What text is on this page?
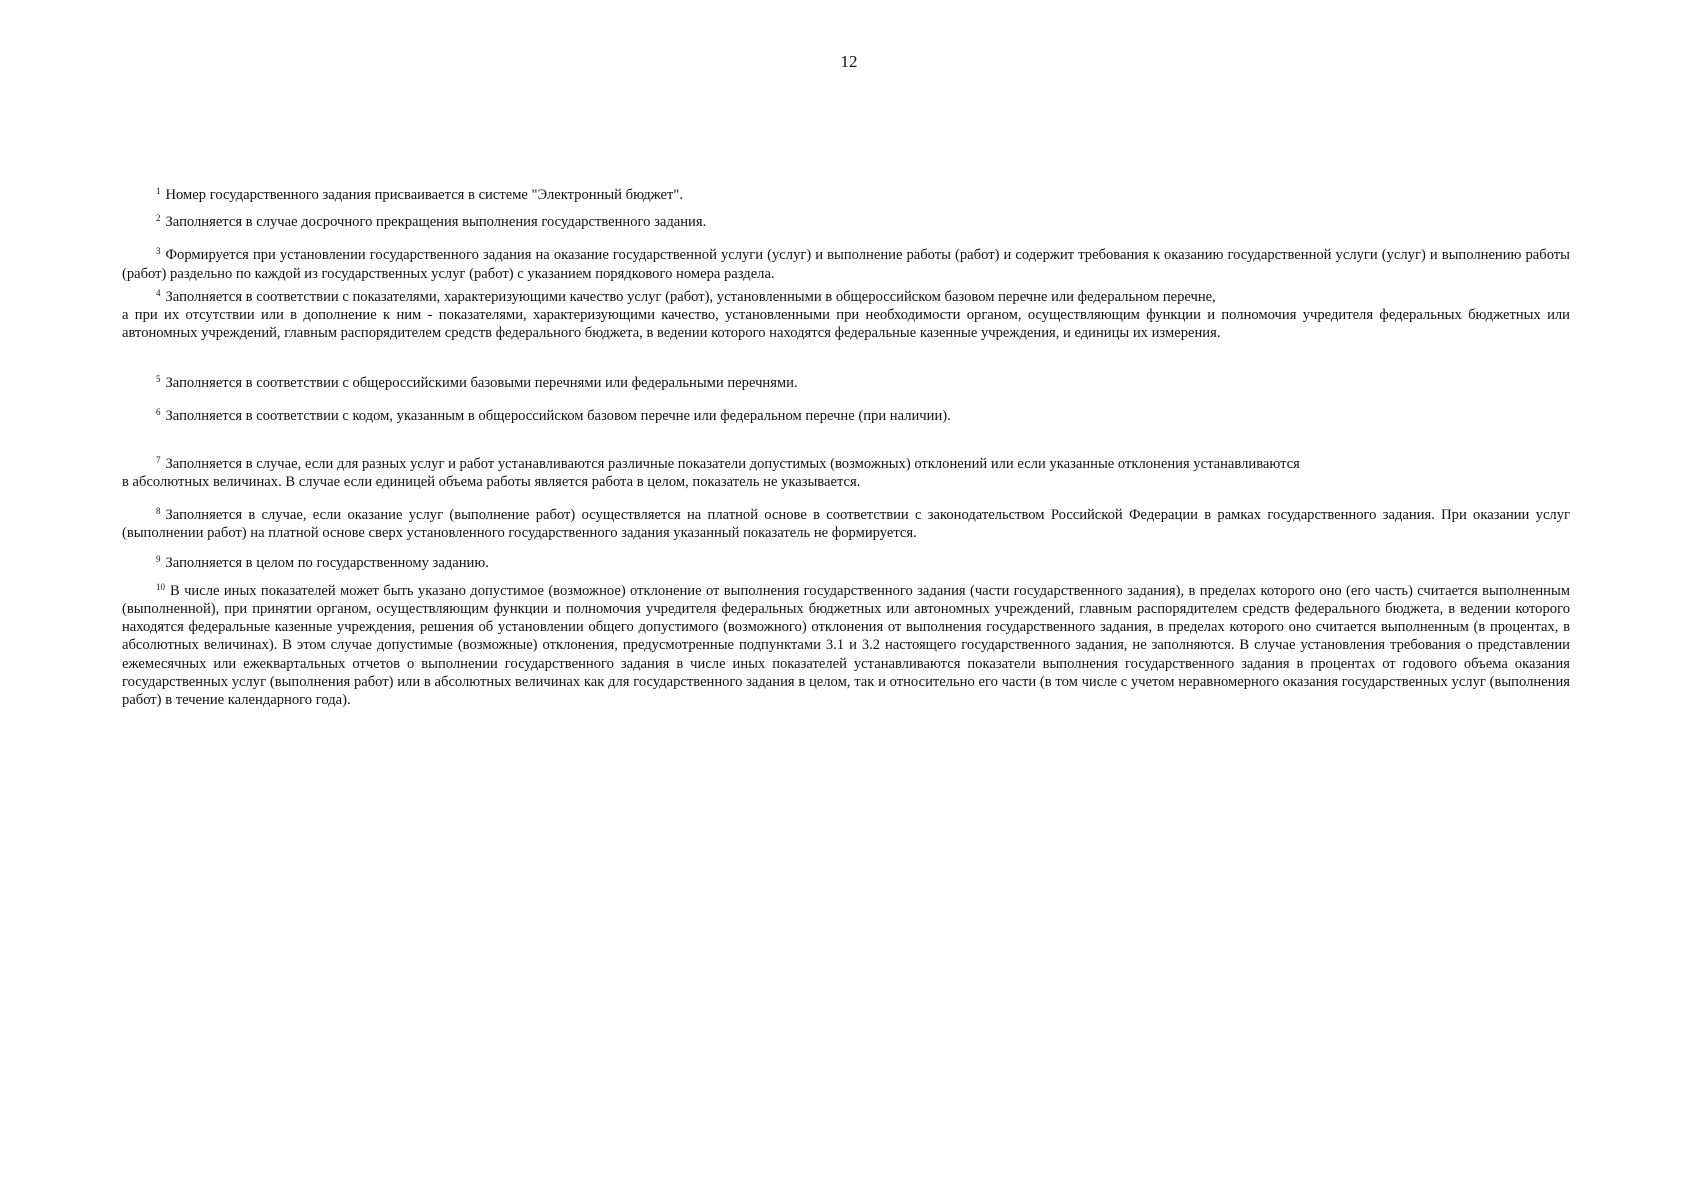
12

$^1$ Номер государственного задания присваивается в системе "Электронный бюджет".

$^2$ Заполняется в случае досрочного прекращения выполнения государственного задания.

$^3$ Формируется при установлении государственного задания на оказание государственной услуги (услуг) и выполнение работы (работ) и содержит требования к оказанию государственной услуги (услуг) и выполнению работы (работ) раздельно по каждой из государственных услуг (работ) с указанием порядкового номера раздела.

$^4$ Заполняется в соответствии с показателями, характеризующими качество услуг (работ), установленными в общероссийском базовом перечне или федеральном перечне,
а при их отсутствии или в дополнение к ним - показателями, характеризующими качество, установленными при необходимости органом, осуществляющим функции и полномочия учредителя федеральных бюджетных или автономных учреждений, главным распорядителем средств федерального бюджета, в ведении которого находятся федеральные казенные учреждения, и единицы их измерения.

$^5$ Заполняется в соответствии с общероссийскими базовыми перечнями или федеральными перечнями.

$^6$ Заполняется в соответствии с кодом, указанным в общероссийском базовом перечне или федеральном перечне (при наличии).

$^7$ Заполняется в случае, если для разных услуг и работ устанавливаются различные показатели допустимых (возможных) отклонений или если указанные отклонения устанавливаются
в абсолютных величинах. В случае если единицей объема работы является работа в целом, показатель не указывается.

$^8$ Заполняется в случае, если оказание услуг (выполнение работ) осуществляется на платной основе в соответствии с законодательством Российской Федерации в рамках государственного задания. При оказании услуг (выполнении работ) на платной основе сверх установленного государственного задания указанный показатель не формируется.

$^9$ Заполняется в целом по государственному заданию.

$^{10}$ В числе иных показателей может быть указано допустимое (возможное) отклонение от выполнения государственного задания (части государственного задания), в пределах которого оно (его часть) считается выполненным (выполненной), при принятии органом, осуществляющим функции и полномочия учредителя федеральных бюджетных или автономных учреждений, главным распорядителем средств федерального бюджета, в ведении которого находятся федеральные казенные учреждения, решения об установлении общего допустимого (возможного) отклонения от выполнения государственного задания, в пределах которого оно считается выполненным (в процентах, в абсолютных величинах). В этом случае допустимые (возможные) отклонения, предусмотренные подпунктами 3.1 и 3.2 настоящего государственного задания, не заполняются. В случае установления требования о представлении ежемесячных или ежеквартальных отчетов о выполнении государственного задания в числе иных показателей устанавливаются показатели выполнения государственного задания в процентах от годового объема оказания государственных услуг (выполнения работ) или в абсолютных величинах как для государственного задания в целом, так и относительно его части (в том числе с учетом неравномерного оказания государственных услуг (выполнения работ) в течение календарного года).
